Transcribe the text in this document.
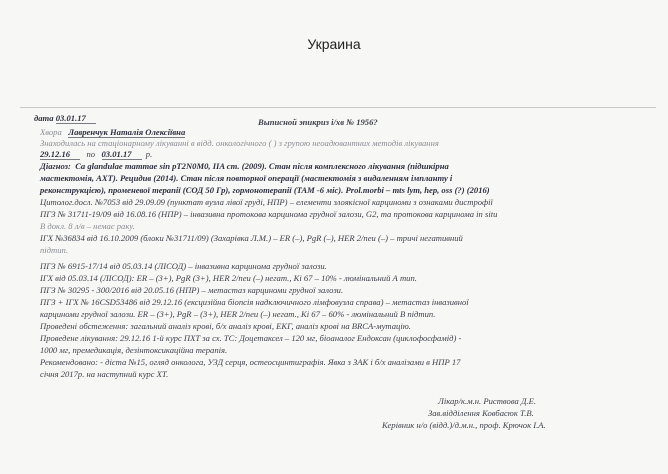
Украина
дата 03.01.17	Выписной эпикриз і/хв № 1956?
Хвора Лавренчук Наталія Олексіївна
Знаходилась на стаціонарному лікуванні в відд. онкологічного ( ) з групою неоадювантних методів лікування
29.12.16 по 03.01.17 р.
Діагноз: Ca glandulae mammae sin pT2N0M0, IIA ст. (2009). Стан після комплексного лікування (підшкірна
мастектомія, АХТ). Рецидив (2014). Стан після повторної операції (мастектомія з видаленням імпланту і
реконструкцією), променевої терапії (СОД 50 Гр), гормонотерапії (ТАМ -6 міс). Prol.morbi – mts lym, hep, oss (?) (2016)
Цитолог.досл. №7053 від 29.09.09 (пунктат вузла лівої груді, НПР) – елементи злоякісної карциноми з ознаками дистрофії
ПГЗ № 31711-19/09 від 16.08.16 (НПР) – інвазивна протокова карцинома грудної залози, G2, та протокова карцинома in situ
В докл. 8 л/в – немає раку.
ІГХ №36834 від 16.10.2009 (блоки №31711/09) (Захарівка Л.М.) – ER (–), PgR (–), HER 2/neu (–) – тричі негативний
підтип.
ПГЗ № 6915-17/14 від 05.03.14 (ЛІСОД) – інвазивна карцинома грудної залози.
ІГХ від 05.03.14 (ЛІСОД): ER – (3+), PgR (3+), HER 2/neu (–) негат., Ki 67 – 10% - люмінальний А тип.
ПГЗ № 30295 - 300/2016 від 20.05.16 (НПР) – метастаз карциноми грудної залози.
ПГЗ + ІГХ № 16CSD53486 від 29.12.16 (ексцизійна біопсія надключичного лімфовузла справа) – метастаз інвазивної
карциноми грудної залози. ER – (3+), PgR – (3+), HER 2/neu (–) негат., Ki 67 – 60% - люмінальний В підтип.
Проведені обстеження: загальний аналіз крові, б/х аналіз крові, ЕКГ, аналіз крові на BRCA-мутацію.
Проведене лікування: 29.12.16 1-й курс ПХТ за сх. ТС: Доцетаксел – 120 мг, біоаналог Ендоксан (циклофосфамід) -
1000 мг, премедикація, дезінтоксикаційна терапія.
Рекомендовано: - дієта №15, огляд онколога, УЗД серця, остеосцинтиграфія. Явка з ЗАК і б/х аналізами в НПР 17
січня 2017р. на наступний курс ХТ.
Лікар/к.м.н. Риствова Д.Е.
Зав.відділення Ковбасюк Т.В.
Керівник н/о (відд.)/д.м.н., проф. Крючок І.А.
